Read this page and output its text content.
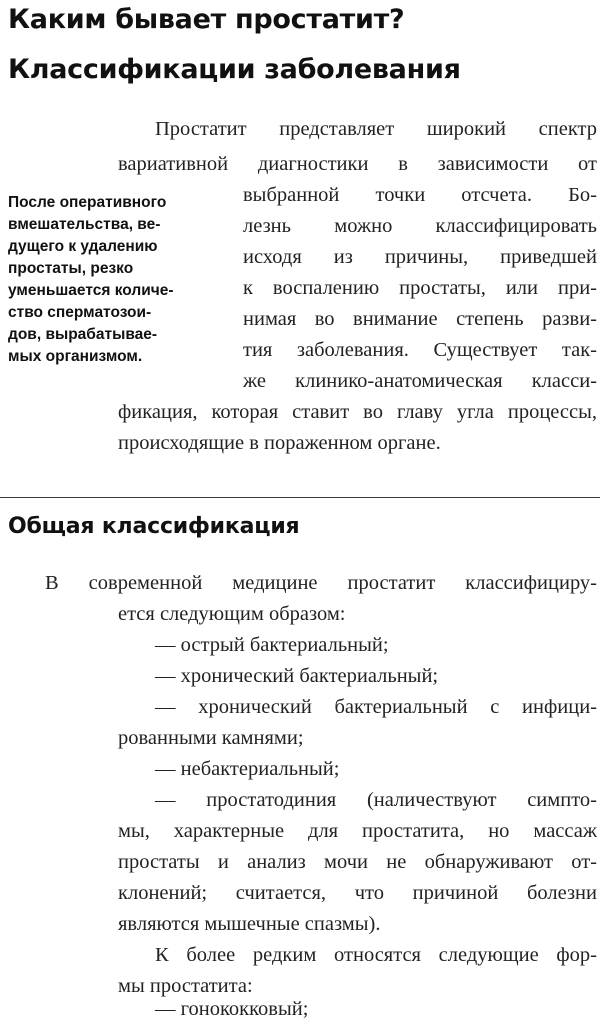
Каким бывает простатит?
Классификации заболевания
После оперативного
вмешательства, ве-
дущего к удалению
простаты, резко
уменьшается количе-
ство сперматозои-
дов, вырабатывае-
мых организмом.
Простатит представляет широкий спектр
вариативной диагностики в зависимости от
выбранной точки отсчета. Бо-
лезнь можно классифицировать
исходя из причины, приведшей
к воспалению простаты, или при-
нимая во внимание степень разви-
тия заболевания. Существует так-
же клинико-анатомическая класси-
фикация, которая ставит во главу угла процессы,
происходящие в пораженном органе.
Общая классификация
В современной медицине простатит классифициру-
ется следующим образом:
— острый бактериальный;
— хронический бактериальный;
— хронический бактериальный с инфици-
рованными камнями;
— небактериальный;
— простатодиния (наличествуют симпто-
мы, характерные для простатита, но массаж
простаты и анализ мочи не обнаруживают от-
клонений; считается, что причиной болезни
являются мышечные спазмы).
К более редким относятся следующие фор-
мы простатита:
— гонококковый;
